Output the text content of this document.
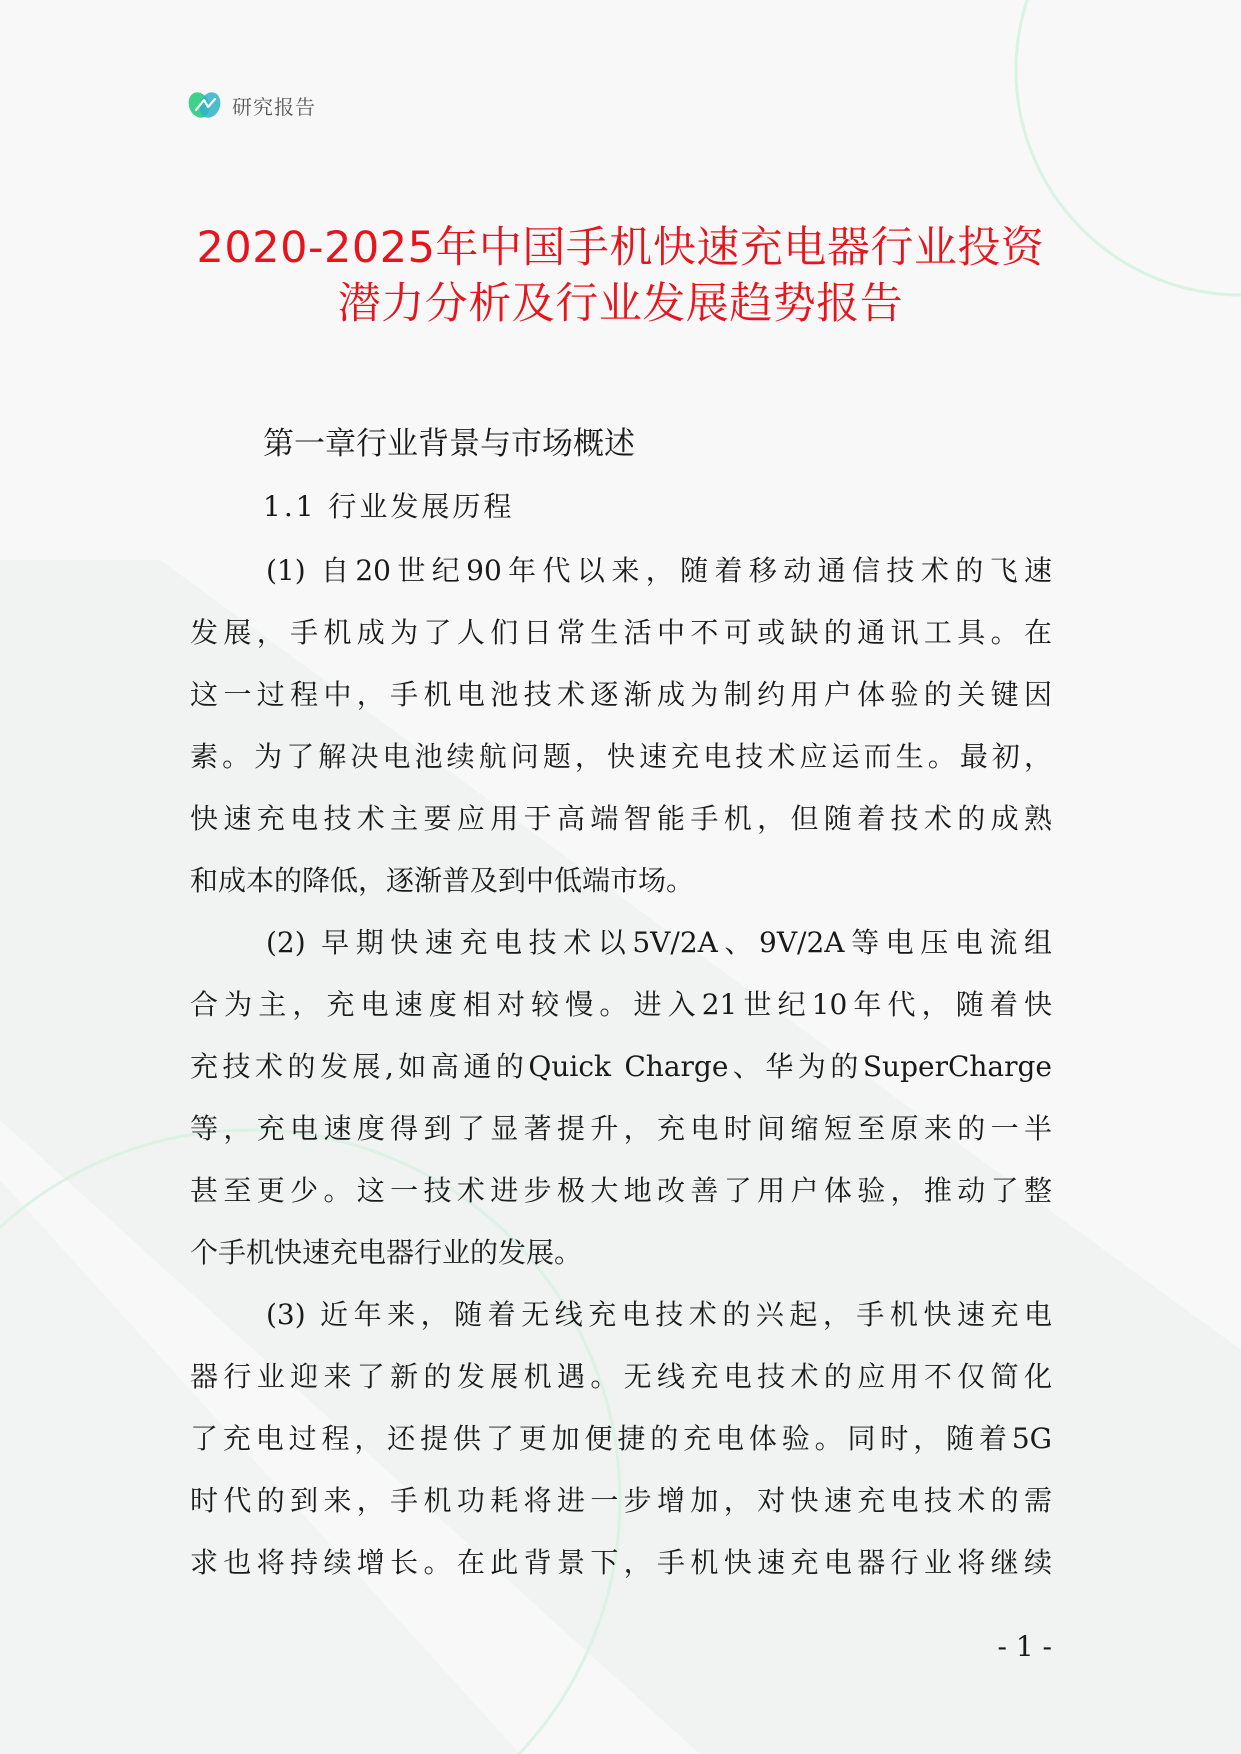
研究报告
2020-2025年中国手机快速充电器行业投资
潜力分析及行业发展趋势报告
第一章行业背景与市场概述
1.1 行业发展历程
(1) 自20世纪90年代以来，随着移动通信技术的飞速
发展，手机成为了人们日常生活中不可或缺的通讯工具。在
这一过程中，手机电池技术逐渐成为制约用户体验的关键因
素。为了解决电池续航问题，快速充电技术应运而生。最初，
快速充电技术主要应用于高端智能手机，但随着技术的成熟
和成本的降低，逐渐普及到中低端市场。
(2) 早期快速充电技术以5V/2A、9V/2A等电压电流组
合为主，充电速度相对较慢。进入21世纪10年代，随着快
充技术的发展,如高通的Quick Charge、华为的SuperCharge
等，充电速度得到了显著提升，充电时间缩短至原来的一半
甚至更少。这一技术进步极大地改善了用户体验，推动了整
个手机快速充电器行业的发展。
(3) 近年来，随着无线充电技术的兴起，手机快速充电
器行业迎来了新的发展机遇。无线充电技术的应用不仅简化
了充电过程，还提供了更加便捷的充电体验。同时，随着5G
时代的到来，手机功耗将进一步增加，对快速充电技术的需
求也将持续增长。在此背景下，手机快速充电器行业将继续
- 1 -
